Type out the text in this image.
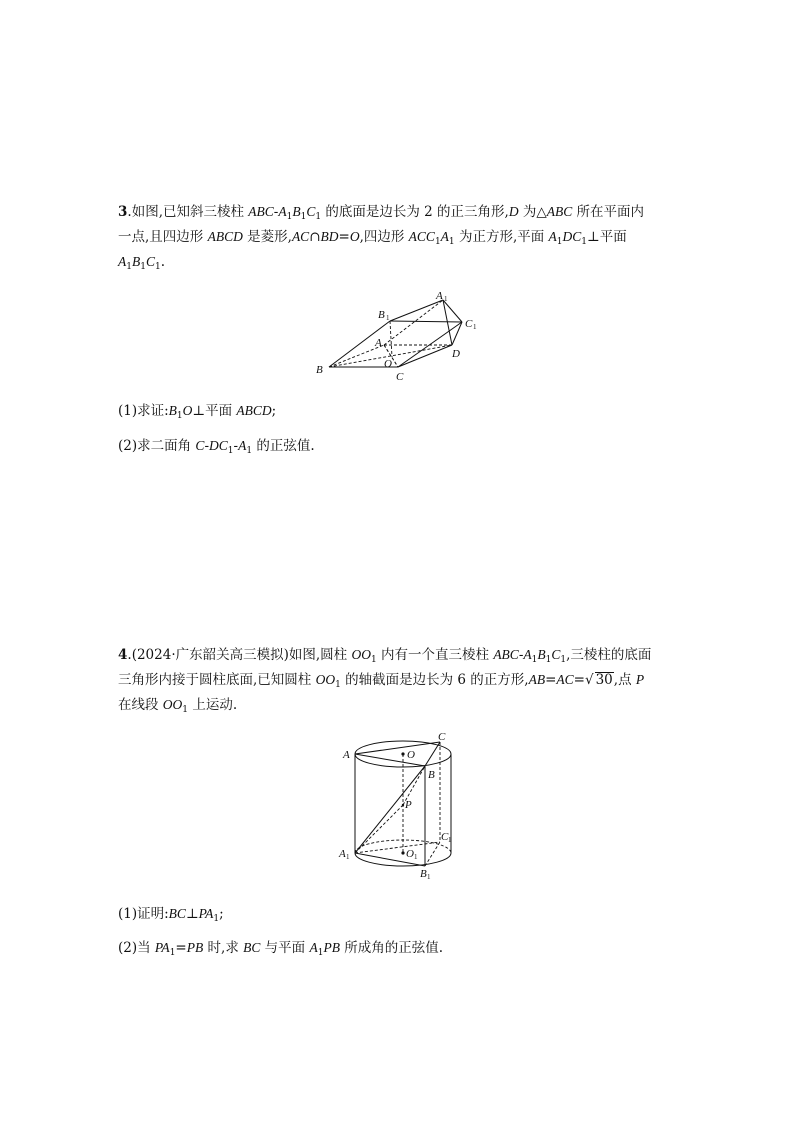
3.如图,已知斜三棱柱 ABC-$A_1B_1C_1$ 的底面是边长为 2 的正三角形,D 为△ABC 所在平面内
一点,且四边形 ABCD 是菱形,AC∩BD=O,四边形 $ACC_1A_1$ 为正方形,平面 $A_1DC_1\perp$平面
$A_1B_1C_1$.
A 1
B 1	C 1
A
D
O
B
C
(1)求证$:B_1O\perp$平面 ABCD;
(2)求二面角 $C-DC_1-A_1$ 的正弦值.
4.(2024·广东韶关高三模拟)如图,圆柱 $OO_1$ 内有一个直三棱柱 ABC-$A_1B_1C_1$,三棱柱的底面
三角形内接于圆柱底面,已知圆柱 $OO_1$ 的轴截面是边长为 6 的正方形,AB=AC=√ 30,点 P
在线段 $OO_1$ 上运动.
A	O
C
B
P
C 1
A 1	O 1
B 1
(1)证明$:BC\perp PA_1$;
(2)当 $PA_1=PB$ 时,求 BC 与平面 $A_1PB$ 所成角的正弦值.
